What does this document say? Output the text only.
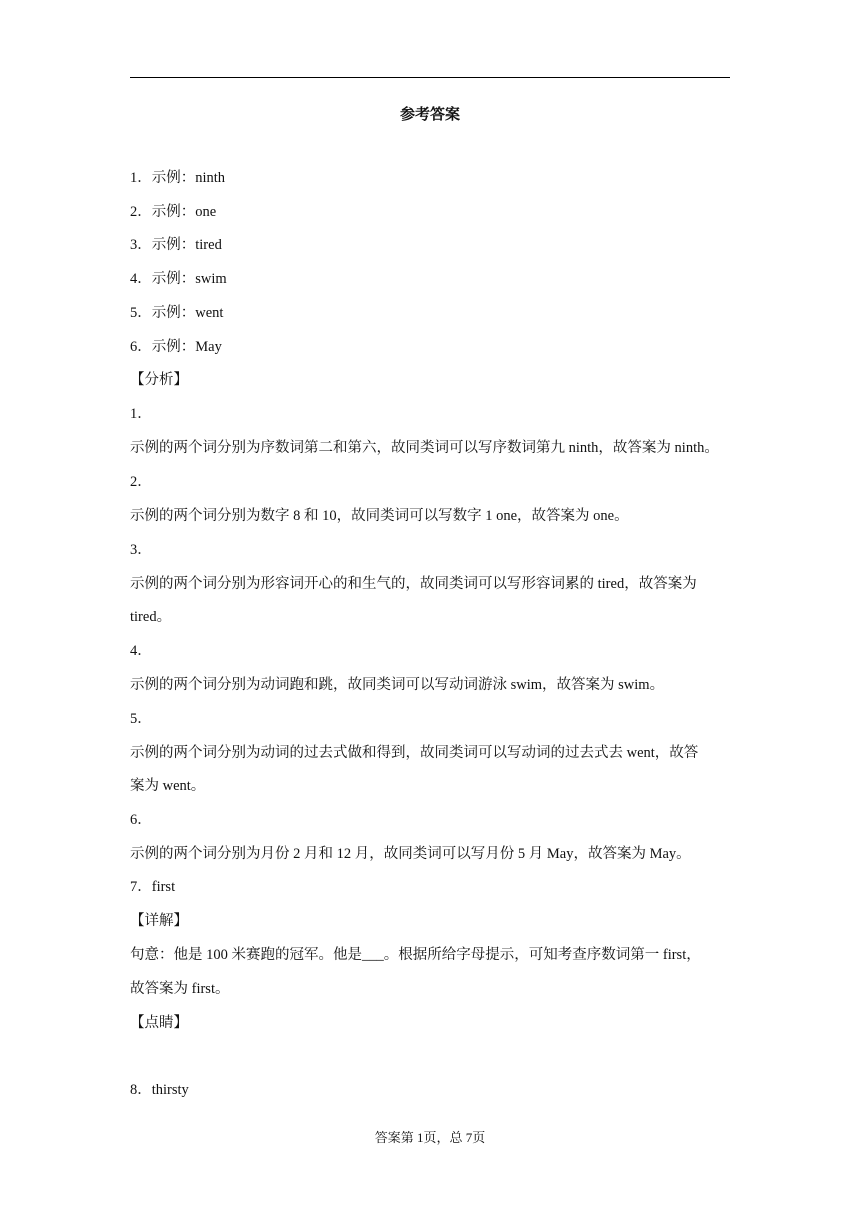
参考答案
1．示例：ninth
2．示例：one
3．示例：tired
4．示例：swim
5．示例：went
6．示例：May
【分析】
1．
示例的两个词分别为序数词第二和第六，故同类词可以写序数词第九 ninth，故答案为 ninth。
2．
示例的两个词分别为数字 8 和 10，故同类词可以写数字 1 one，故答案为 one。
3．
示例的两个词分别为形容词开心的和生气的，故同类词可以写形容词累的 tired，故答案为
tired。
4．
示例的两个词分别为动词跑和跳，故同类词可以写动词游泳 swim，故答案为 swim。
5．
示例的两个词分别为动词的过去式做和得到，故同类词可以写动词的过去式去 went，故答
案为 went。
6．
示例的两个词分别为月份 2 月和 12 月，故同类词可以写月份 5 月 May，故答案为 May。
7．first
【详解】
句意：他是 100 米赛跑的冠军。他是___。根据所给字母提示，可知考查序数词第一 first，
故答案为 first。
【点睛】
8．thirsty
答案第 1页，总 7页
